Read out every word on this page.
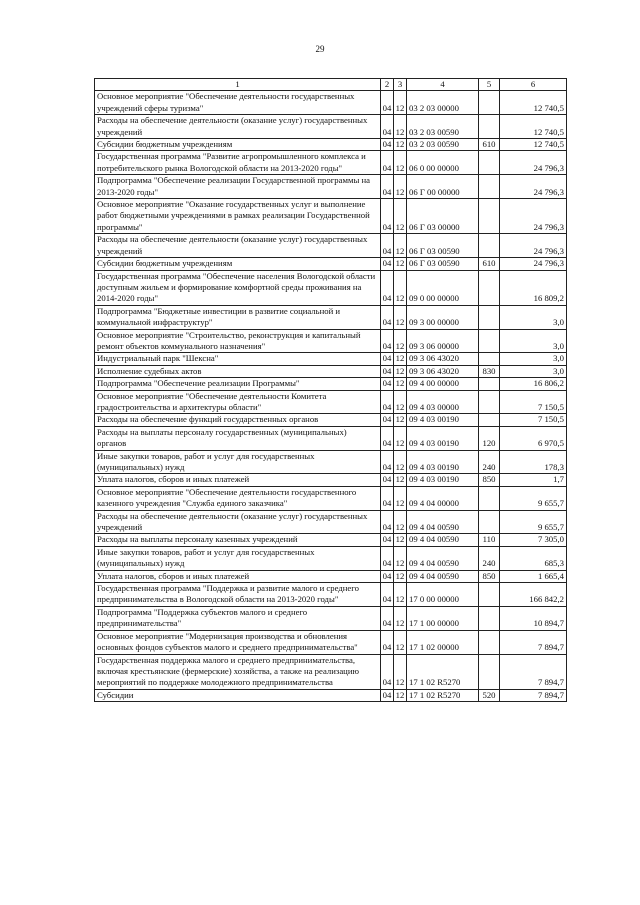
29
1	2	3	4	5	6
Основное мероприятие "Обеспечение деятельности государственных учреждений сферы туризма"	04	12	03 2 03 00000		12 740,5
Расходы на обеспечение деятельности (оказание услуг) государственных учреждений	04	12	03 2 03 00590		12 740,5
Субсидии бюджетным учреждениям	04	12	03 2 03 00590	610	12 740,5
Государственная программа "Развитие агропромышленного комплекса и потребительского рынка Вологодской области на 2013-2020 годы"	04	12	06 0 00 00000		24 796,3
Подпрограмма "Обеспечение реализации Государственной программы на 2013-2020 годы"	04	12	06 Г 00 00000		24 796,3
Основное мероприятие "Оказание государственных услуг и выполнение работ бюджетными учреждениями в рамках реализации Государственной программы"	04	12	06 Г 03 00000		24 796,3
Расходы на обеспечение деятельности (оказание услуг) государственных учреждений	04	12	06 Г 03 00590		24 796,3
Субсидии бюджетным учреждениям	04	12	06 Г 03 00590	610	24 796,3
Государственная программа "Обеспечение населения Вологодской области доступным жильем и формирование комфортной среды проживания на 2014-2020 годы"	04	12	09 0 00 00000		16 809,2
Подпрограмма "Бюджетные инвестиции в развитие социальной и коммунальной инфраструктур"	04	12	09 3 00 00000		3,0
Основное мероприятие "Строительство, реконструкция и капитальный ремонт объектов коммунального назначения"	04	12	09 3 06 00000		3,0
Индустриальный парк "Шексна"	04	12	09 3 06 43020		3,0
Исполнение судебных актов	04	12	09 3 06 43020	830	3,0
Подпрограмма "Обеспечение реализации Программы"	04	12	09 4 00 00000		16 806,2
Основное мероприятие "Обеспечение деятельности Комитета градостроительства и архитектуры области"	04	12	09 4 03 00000		7 150,5
Расходы на обеспечение функций государственных органов	04	12	09 4 03 00190		7 150,5
Расходы на выплаты персоналу государственных (муниципальных) органов	04	12	09 4 03 00190	120	6 970,5
Иные закупки товаров, работ и услуг для государственных (муниципальных) нужд	04	12	09 4 03 00190	240	178,3
Уплата налогов, сборов и иных платежей	04	12	09 4 03 00190	850	1,7
Основное мероприятие "Обеспечение деятельности государственного казенного учреждения "Служба единого заказчика"	04	12	09 4 04 00000		9 655,7
Расходы на обеспечение деятельности (оказание услуг) государственных учреждений	04	12	09 4 04 00590		9 655,7
Расходы на выплаты персоналу казенных учреждений	04	12	09 4 04 00590	110	7 305,0
Иные закупки товаров, работ и услуг для государственных (муниципальных) нужд	04	12	09 4 04 00590	240	685,3
Уплата налогов, сборов и иных платежей	04	12	09 4 04 00590	850	1 665,4
Государственная программа "Поддержка и развитие малого и среднего предпринимательства в Вологодской области на 2013-2020 годы"	04	12	17 0 00 00000		166 842,2
Подпрограмма "Поддержка субъектов малого и среднего предпринимательства"	04	12	17 1 00 00000		10 894,7
Основное мероприятие "Модернизация производства и обновления основных фондов субъектов малого и среднего предпринимательства"	04	12	17 1 02 00000		7 894,7
Государственная поддержка малого и среднего предпринимательства, включая крестьянские (фермерские) хозяйства, а также на реализацию мероприятий по поддержке молодежного предпринимательства	04	12	17 1 02 R5270		7 894,7
Субсидии	04	12	17 1 02 R5270	520	7 894,7
